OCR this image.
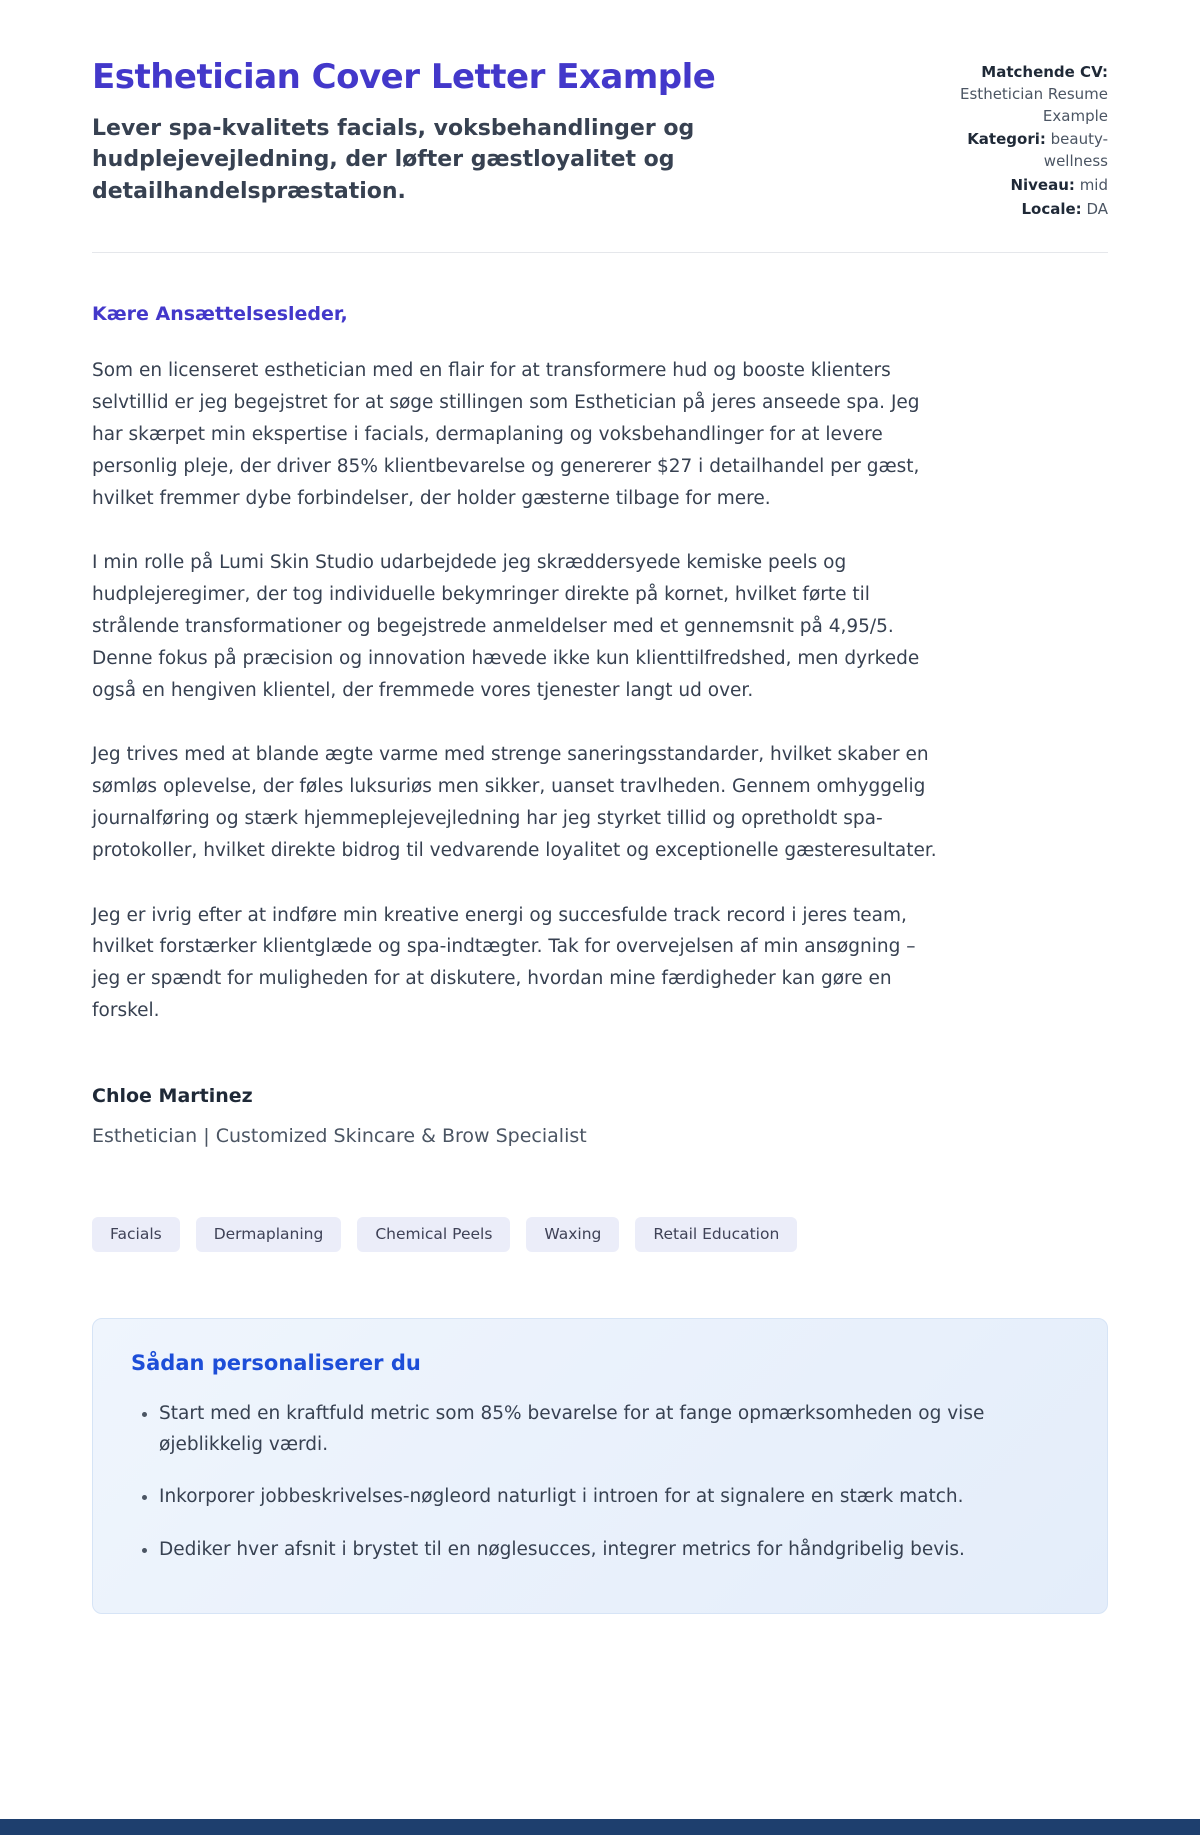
Esthetician Cover Letter Example

Lever spa-kvalitets facials, voksbehandlinger og hudplejevejledning, der løfter gæstloyalitet og detailhandelspræstation.

Matchende CV: Esthetician Resume Example
Kategori: beauty-wellness
Niveau: mid
Locale: DA

Kære Ansættelsesleder,

Som en licenseret esthetician med en flair for at transformere hud og booste klienters selvtillid er jeg begejstret for at søge stillingen som Esthetician på jeres anseede spa. Jeg har skærpet min ekspertise i facials, dermaplaning og voksbehandlinger for at levere personlig pleje, der driver 85% klientbevarelse og genererer $27 i detailhandel per gæst, hvilket fremmer dybe forbindelser, der holder gæsterne tilbage for mere.

I min rolle på Lumi Skin Studio udarbejdede jeg skræddersyede kemiske peels og hudplejeregimer, der tog individuelle bekymringer direkte på kornet, hvilket førte til strålende transformationer og begejstrede anmeldelser med et gennemsnit på 4,95/5. Denne fokus på præcision og innovation hævede ikke kun klienttilfredshed, men dyrkede også en hengiven klientel, der fremmede vores tjenester langt ud over.

Jeg trives med at blande ægte varme med strenge saneringsstandarder, hvilket skaber en sømløs oplevelse, der føles luksuriøs men sikker, uanset travlheden. Gennem omhyggelig journalføring og stærk hjemmeplejevejledning har jeg styrket tillid og opretholdt spa-protokoller, hvilket direkte bidrog til vedvarende loyalitet og exceptionelle gæsteresultater.

Jeg er ivrig efter at indføre min kreative energi og succesfulde track record i jeres team, hvilket forstærker klientglæde og spa-indtægter. Tak for overvejelsen af min ansøgning – jeg er spændt for muligheden for at diskutere, hvordan mine færdigheder kan gøre en forskel.

Chloe Martinez

Esthetician | Customized Skincare & Brow Specialist

Facials	Dermaplaning	Chemical Peels	Waxing	Retail Education

Sådan personaliserer du

• Start med en kraftfuld metric som 85% bevarelse for at fange opmærksomheden og vise øjeblikkelig værdi.
• Inkorporer jobbeskrivelses-nøgleord naturligt i introen for at signalere en stærk match.
• Dediker hver afsnit i brystet til en nøglesucces, integrer metrics for håndgribelig bevis.
